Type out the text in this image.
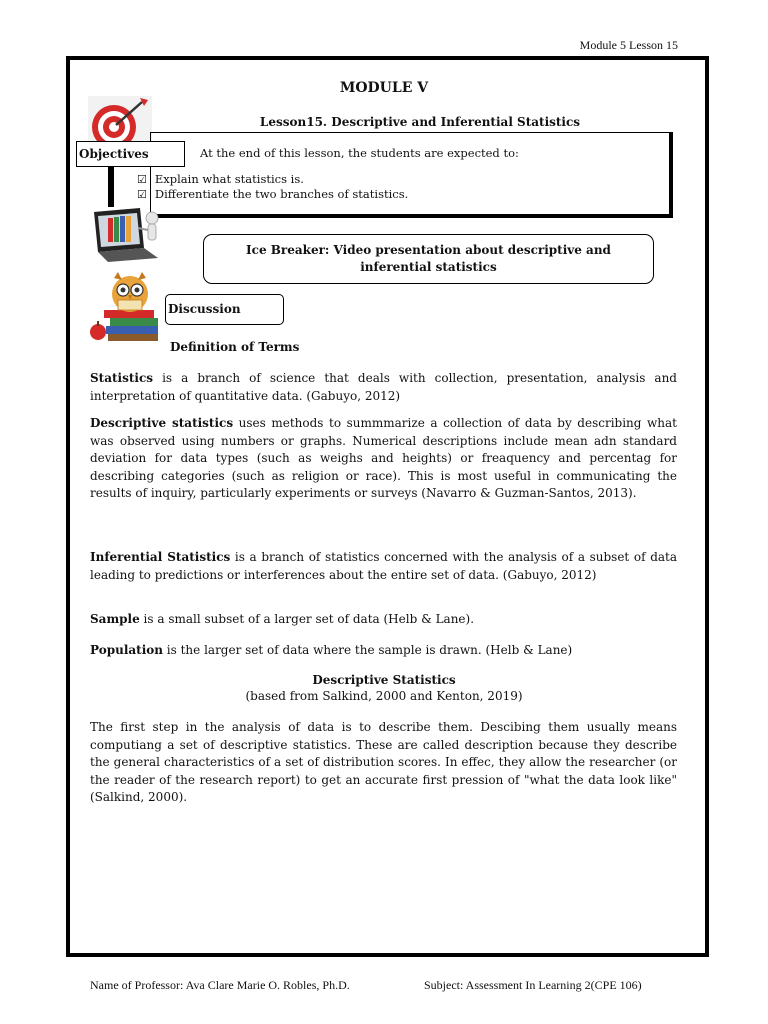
Module 5 Lesson 15
MODULE V
Lesson15. Descriptive and Inferential Statistics
Objectives	At the end of this lesson, the students are expected to:
☑ Explain what statistics is.
☑ Differentiate the two branches of statistics.
Ice Breaker: Video presentation about descriptive and inferential statistics
Discussion
Definition of Terms

Statistics is a branch of science that deals with collection, presentation, analysis and interpretation of quantitative data. (Gabuyo, 2012)

Descriptive statistics uses methods to summmarize a collection of data by describing what was observed using numbers or graphs. Numerical descriptions include mean adn standard deviation for data types (such as weighs and heights) or freaquency and percentag for describing categories (such as religion or race). This is most useful in communicating the results of inquiry, particularly experiments or surveys (Navarro & Guzman-Santos, 2013).

Inferential Statistics is a branch of statistics concerned with the analysis of a subset of data leading to predictions or interferences about the entire set of data. (Gabuyo, 2012)

Sample is a small subset of a larger set of data (Helb & Lane).

Population is the larger set of data where the sample is drawn. (Helb & Lane)

Descriptive Statistics
(based from Salkind, 2000 and Kenton, 2019)

The first step in the analysis of data is to describe them. Descibing them usually means computiang a set of descriptive statistics. These are called description because they describe the general characteristics of a set of distribution scores. In effec, they allow the researcher (or the reader of the research report) to get an accurate first pression of "what the data look like" (Salkind, 2000).

Name of Professor: Ava Clare Marie O. Robles, Ph.D.	Subject: Assessment In Learning 2(CPE 106)
